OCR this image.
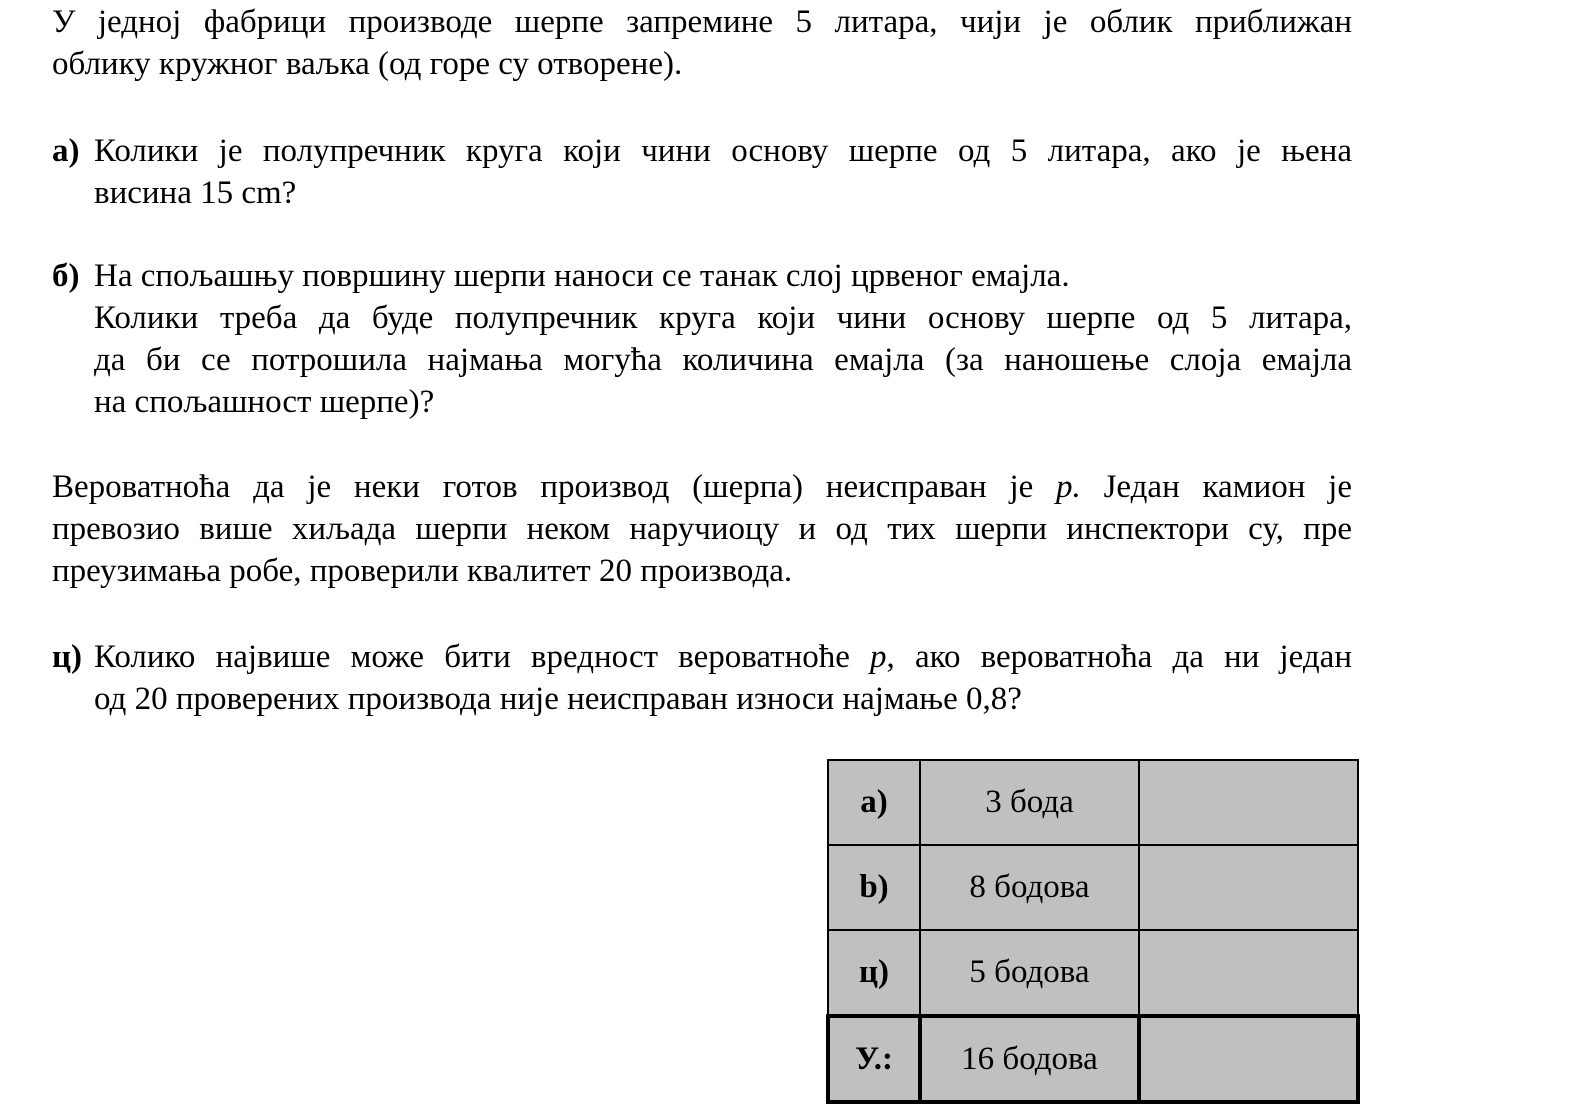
У једној фабрици производе шерпе запремине 5 литара, чији је облик приближан
облику кружног ваљка (од горе су отворене).

а) Колики је полупречник круга који чини основу шерпе од 5 литара, ако је њена
висина 15 cm?
б) На спољашњу површину шерпи наноси се танак слој црвеног емајла.
Колики треба да буде полупречник круга који чини основу шерпе од 5 литара,
да би се потрошила најмања могућа количина емајла (за наношење слоја емајла
на спољашност шерпе)?

Вероватноћа да је неки готов производ (шерпа) неисправан је p. Један камион је
превозио више хиљада шерпи неком наручиоцу и од тих шерпи инспектори су, пре
преузимања робе, проверили квалитет 20 производа.

ц) Колико највише може бити вредност вероватноће p, ако вероватноћа да ни један
од 20 проверених производа није неисправан износи најмање 0,8?
а)	3 бода	
b)	8 бодова	
ц)	5 бодова	
У.:	16 бодова	
